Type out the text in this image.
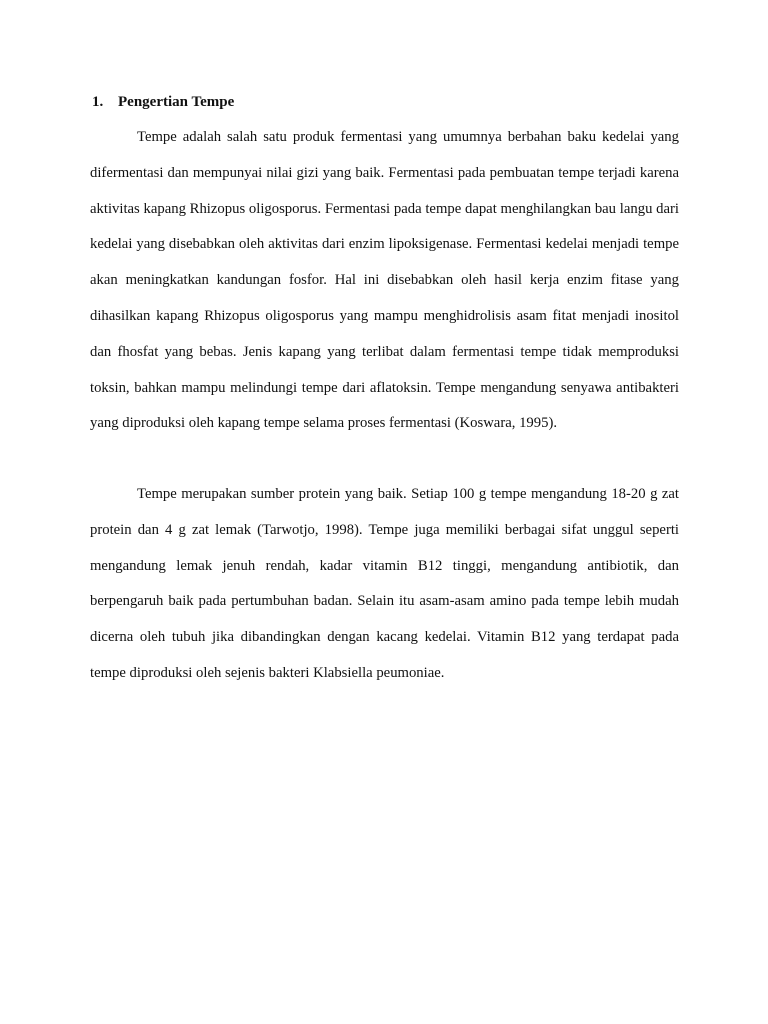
1. Pengertian Tempe

Tempe adalah salah satu produk fermentasi yang umumnya berbahan baku kedelai yang difermentasi dan mempunyai nilai gizi yang baik. Fermentasi pada pembuatan tempe terjadi karena aktivitas kapang Rhizopus oligosporus. Fermentasi pada tempe dapat menghilangkan bau langu dari kedelai yang disebabkan oleh aktivitas dari enzim lipoksigenase. Fermentasi kedelai menjadi tempe akan meningkatkan kandungan fosfor. Hal ini disebabkan oleh hasil kerja enzim fitase yang dihasilkan kapang Rhizopus oligosporus yang mampu menghidrolisis asam fitat menjadi inositol dan fhosfat yang bebas. Jenis kapang yang terlibat dalam fermentasi tempe tidak memproduksi toksin, bahkan mampu melindungi tempe dari aflatoksin. Tempe mengandung senyawa antibakteri yang diproduksi oleh kapang tempe selama proses fermentasi (Koswara, 1995).

Tempe merupakan sumber protein yang baik. Setiap 100 g tempe mengandung 18-20 g zat protein dan 4 g zat lemak (Tarwotjo, 1998). Tempe juga memiliki berbagai sifat unggul seperti mengandung lemak jenuh rendah, kadar vitamin B12 tinggi, mengandung antibiotik, dan berpengaruh baik pada pertumbuhan badan. Selain itu asam-asam amino pada tempe lebih mudah dicerna oleh tubuh jika dibandingkan dengan kacang kedelai. Vitamin B12 yang terdapat pada tempe diproduksi oleh sejenis bakteri Klabsiella peumoniae.
